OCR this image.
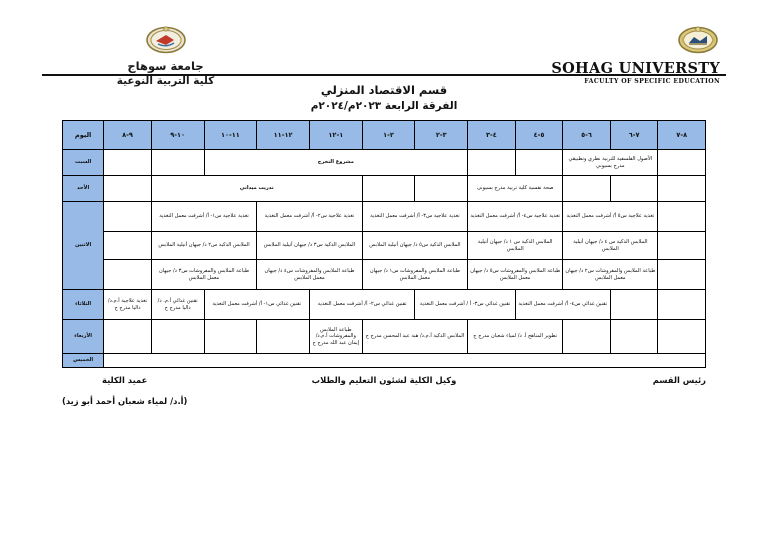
جامعة سوهاج
كلية التربية النوعية
SOHAG UNIVERSTY
FACULTY OF SPECIFIC EDUCATION
قسم الاقتصاد المنزلي
الفرقة الرابعة ٢٠٢٣م/٢٠٢٤م
٨-٧	٧-٦	٦-٥	٥-٤	٤-٣	٣-٢	٢-١	١-١٢	١٢-١١	١١-١٠	١٠-٩	٩-٨	اليوم
	الأصول الفلسفية للتربية نظري وتطبيقي مدرج بسيوني				مشروع التخرج							السبت
			صحة نفسية كلية تربية مدرج بسيونى				تدريب ميداني					الأحد
	تغذية علاجية س٥ أ/ أشرفت معمل التغذية		تغذية علاجية س٤- أ/ أشرفت معمل التغذية		تغذية علاجية س٣- أ/ أشرفت معمل التغذية		تغذية علاجية س٢- أ/ أشرفت معمل التغذية		تغذية علاجية س١- أ/ أشرفت معمل التغذية			الاثنين
	الملابس الذكية س ٤ د/ جيهان أتيلية الملابس		الملابس الذكية س ١ د/ جيهان أتيلية الملابس		الملابس الذكية س٥ د/ جيهان أتيلية الملابس		الملابس الذكية س٣ د/ جيهان أتيلية الملابس		الملابس الذكية س٢ د/ جيهان أتيلية الملابس			
	طباعة الملابس والمفروشات س٢ د/ جيهان معمل الملابس		طباعة الملابس والمفروشات س٥ د/ جيهان معمل الملابس		طباعة الملابس والمفروشات س١ د/ جيهان معمل الملابس		طباعة الملابس والمفروشات س٤ د/ جيهان معمل الملابس		طباعة الملابس والمفروشات س٣ د/ جيهان معمل الملابس			
		تقنين غذائي س٤- أ/ أشرفت معمل التغذية		تقنين غذائي س٣- أ / أشرفت معمل التغذية		تقنين غذائي س٢- أ/ أشرفت معمل التغذية		تقنين غذائي س١- أ/ أشرفت معمل التغذية		تقنين غذائي أ.م. د/ داليا مدرج ج	تغذية علاجية أ.م.د/ داليا مدرج ج	الثلاثاء
			تطوير المناهج أ. د/ لمياء شعبان مدرج ج		الملابس الذكية أ.م.د/ هبة عبد المحسن مدرج ج		طباعة الملابس والمفروشات أ.م.د/ إيمان عبد الله مدرج ج					الأربعاء
												الخميس
رئيس القسم
وكيل الكلية لشئون التعليم والطلاب
عميد الكلية
(أ.د/ لمياء شعبان أحمد أبو زيد)
